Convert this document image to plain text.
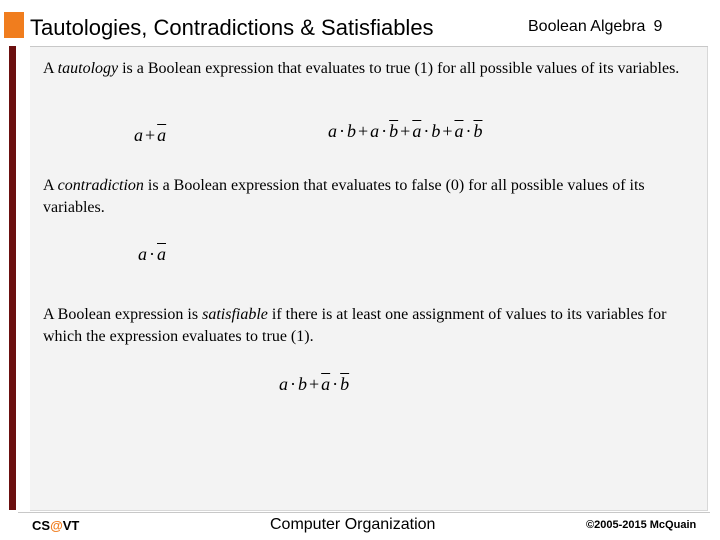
Tautologies, Contradictions & Satisfiables	Boolean Algebra 9
A tautology is a Boolean expression that evaluates to true (1) for all possible values of its variables.
$a + \overline{a}$	$a \cdot b + a \cdot \overline{b} + \overline{a} \cdot b + \overline{a} \cdot \overline{b}$
A contradiction is a Boolean expression that evaluates to false (0) for all possible values of its variables.
$a \cdot \overline{a}$
A Boolean expression is satisfiable if there is at least one assignment of values to its variables for which the expression evaluates to true (1).
$a \cdot b + \overline{a} \cdot \overline{b}$
CS@VT	Computer Organization	©2005-2015 McQuain
